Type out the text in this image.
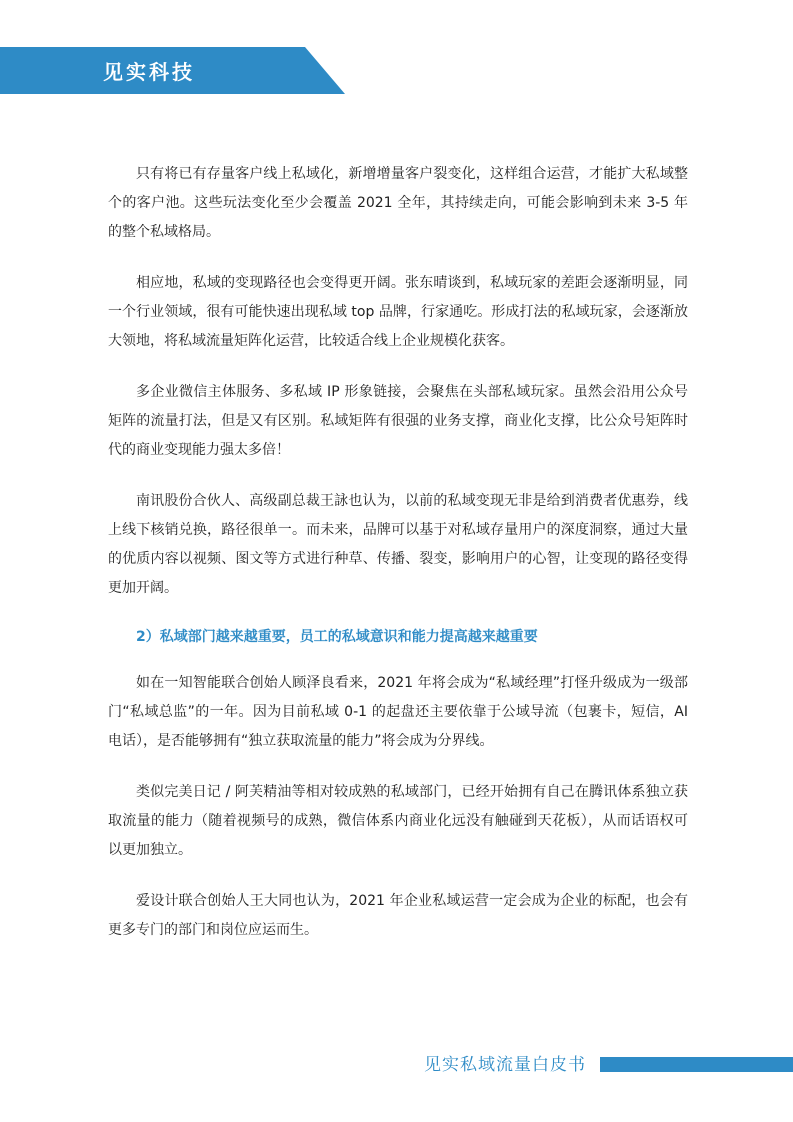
见实科技

只有将已有存量客户线上私域化，新增增量客户裂变化，这样组合运营，才能扩大私域整个的客户池。这些玩法变化至少会覆盖 2021 全年，其持续走向，可能会影响到未来 3-5 年的整个私域格局。

相应地，私域的变现路径也会变得更开阔。张东晴谈到，私域玩家的差距会逐渐明显，同一个行业领域，很有可能快速出现私域 top 品牌，行家通吃。形成打法的私域玩家，会逐渐放大领地，将私域流量矩阵化运营，比较适合线上企业规模化获客。

多企业微信主体服务、多私域 IP 形象链接，会聚焦在头部私域玩家。虽然会沿用公众号矩阵的流量打法，但是又有区别。私域矩阵有很强的业务支撑，商业化支撑，比公众号矩阵时代的商业变现能力强太多倍！

南讯股份合伙人、高级副总裁王詠也认为，以前的私域变现无非是给到消费者优惠券，线上线下核销兑换，路径很单一。而未来，品牌可以基于对私域存量用户的深度洞察，通过大量的优质内容以视频、图文等方式进行种草、传播、裂变，影响用户的心智，让变现的路径变得更加开阔。

2）私域部门越来越重要，员工的私域意识和能力提高越来越重要

如在一知智能联合创始人顾泽良看来，2021 年将会成为“私域经理”打怪升级成为一级部门“私域总监”的一年。因为目前私域 0-1 的起盘还主要依靠于公域导流（包裹卡，短信，AI 电话），是否能够拥有“独立获取流量的能力”将会成为分界线。

类似完美日记 / 阿芙精油等相对较成熟的私域部门，已经开始拥有自己在腾讯体系独立获取流量的能力（随着视频号的成熟，微信体系内商业化远没有触碰到天花板），从而话语权可以更加独立。

爱设计联合创始人王大同也认为，2021 年企业私域运营一定会成为企业的标配，也会有更多专门的部门和岗位应运而生。

见实私域流量白皮书
